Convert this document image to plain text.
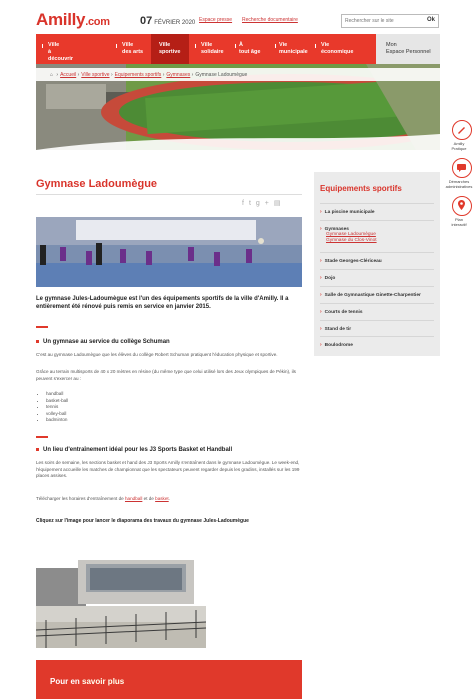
Amilly.com	07 FÉVRIER 2020 Espace presse Recherche documentaire
Rechercher sur le site	Ok
Ville
à découvrir
Ville
des arts
Ville
sportive
Ville
solidaire
À
tout âge
Vie
municipale
Vie
économique
Mon
Espace Personnel
⌂ › Accueil › Ville sportive › Equipements sportifs › Gymnases › Gymnase Ladoumègue
Amilly
Pratique
Démarches
administratives
Plan
interactif
Gymnase Ladoumègue
ftg+▤

Le gymnase Jules-Ladoumègue est l'un des équipements sportifs de la ville d'Amilly. Il a entièrement été rénové puis remis en service en janvier 2015.

Un gymnase au service du collège Schuman

C'est au gymnase Ladoumègue que les élèves du collège Robert Schuman pratiquent l'éducation physique et sportive.

Grâce au terrain multisports de 40 x 20 mètres en résine (du même type que celui utilisé lors des Jeux olympiques de Pékin), ils peuvent s'exercer au :

• handball
• basket-ball
• tennis
• volley-ball
• badminton
Un lieu d'entraînement idéal pour les J3 Sports Basket et Handball

Les soirs de semaine, les sections basket et hand des J3 Sports Amilly s'entraînent dans le gymnase Ladoumègue. Le week-end, l'équipement accueille les matches de championnat que les spectateurs peuvent regarder depuis les gradins, installés sur les 199 places assises.

Télécharger les horaires d'entraînement de handball et de basket.

Cliquez sur l'image pour lancer le diaporama des travaux du gymnase Jules-Ladoumègue

Pour en savoir plus
Equipements sportifs
› La piscine municipale
› Gymnases
Gymnase Ladoumègue
Gymnase du Clos-Vinot
› Stade Georges-Clériceau
› Dojo
› Salle de Gymnastique Ginette-Charpentier
› Courts de tennis
› Stand de tir
› Boulodrome
